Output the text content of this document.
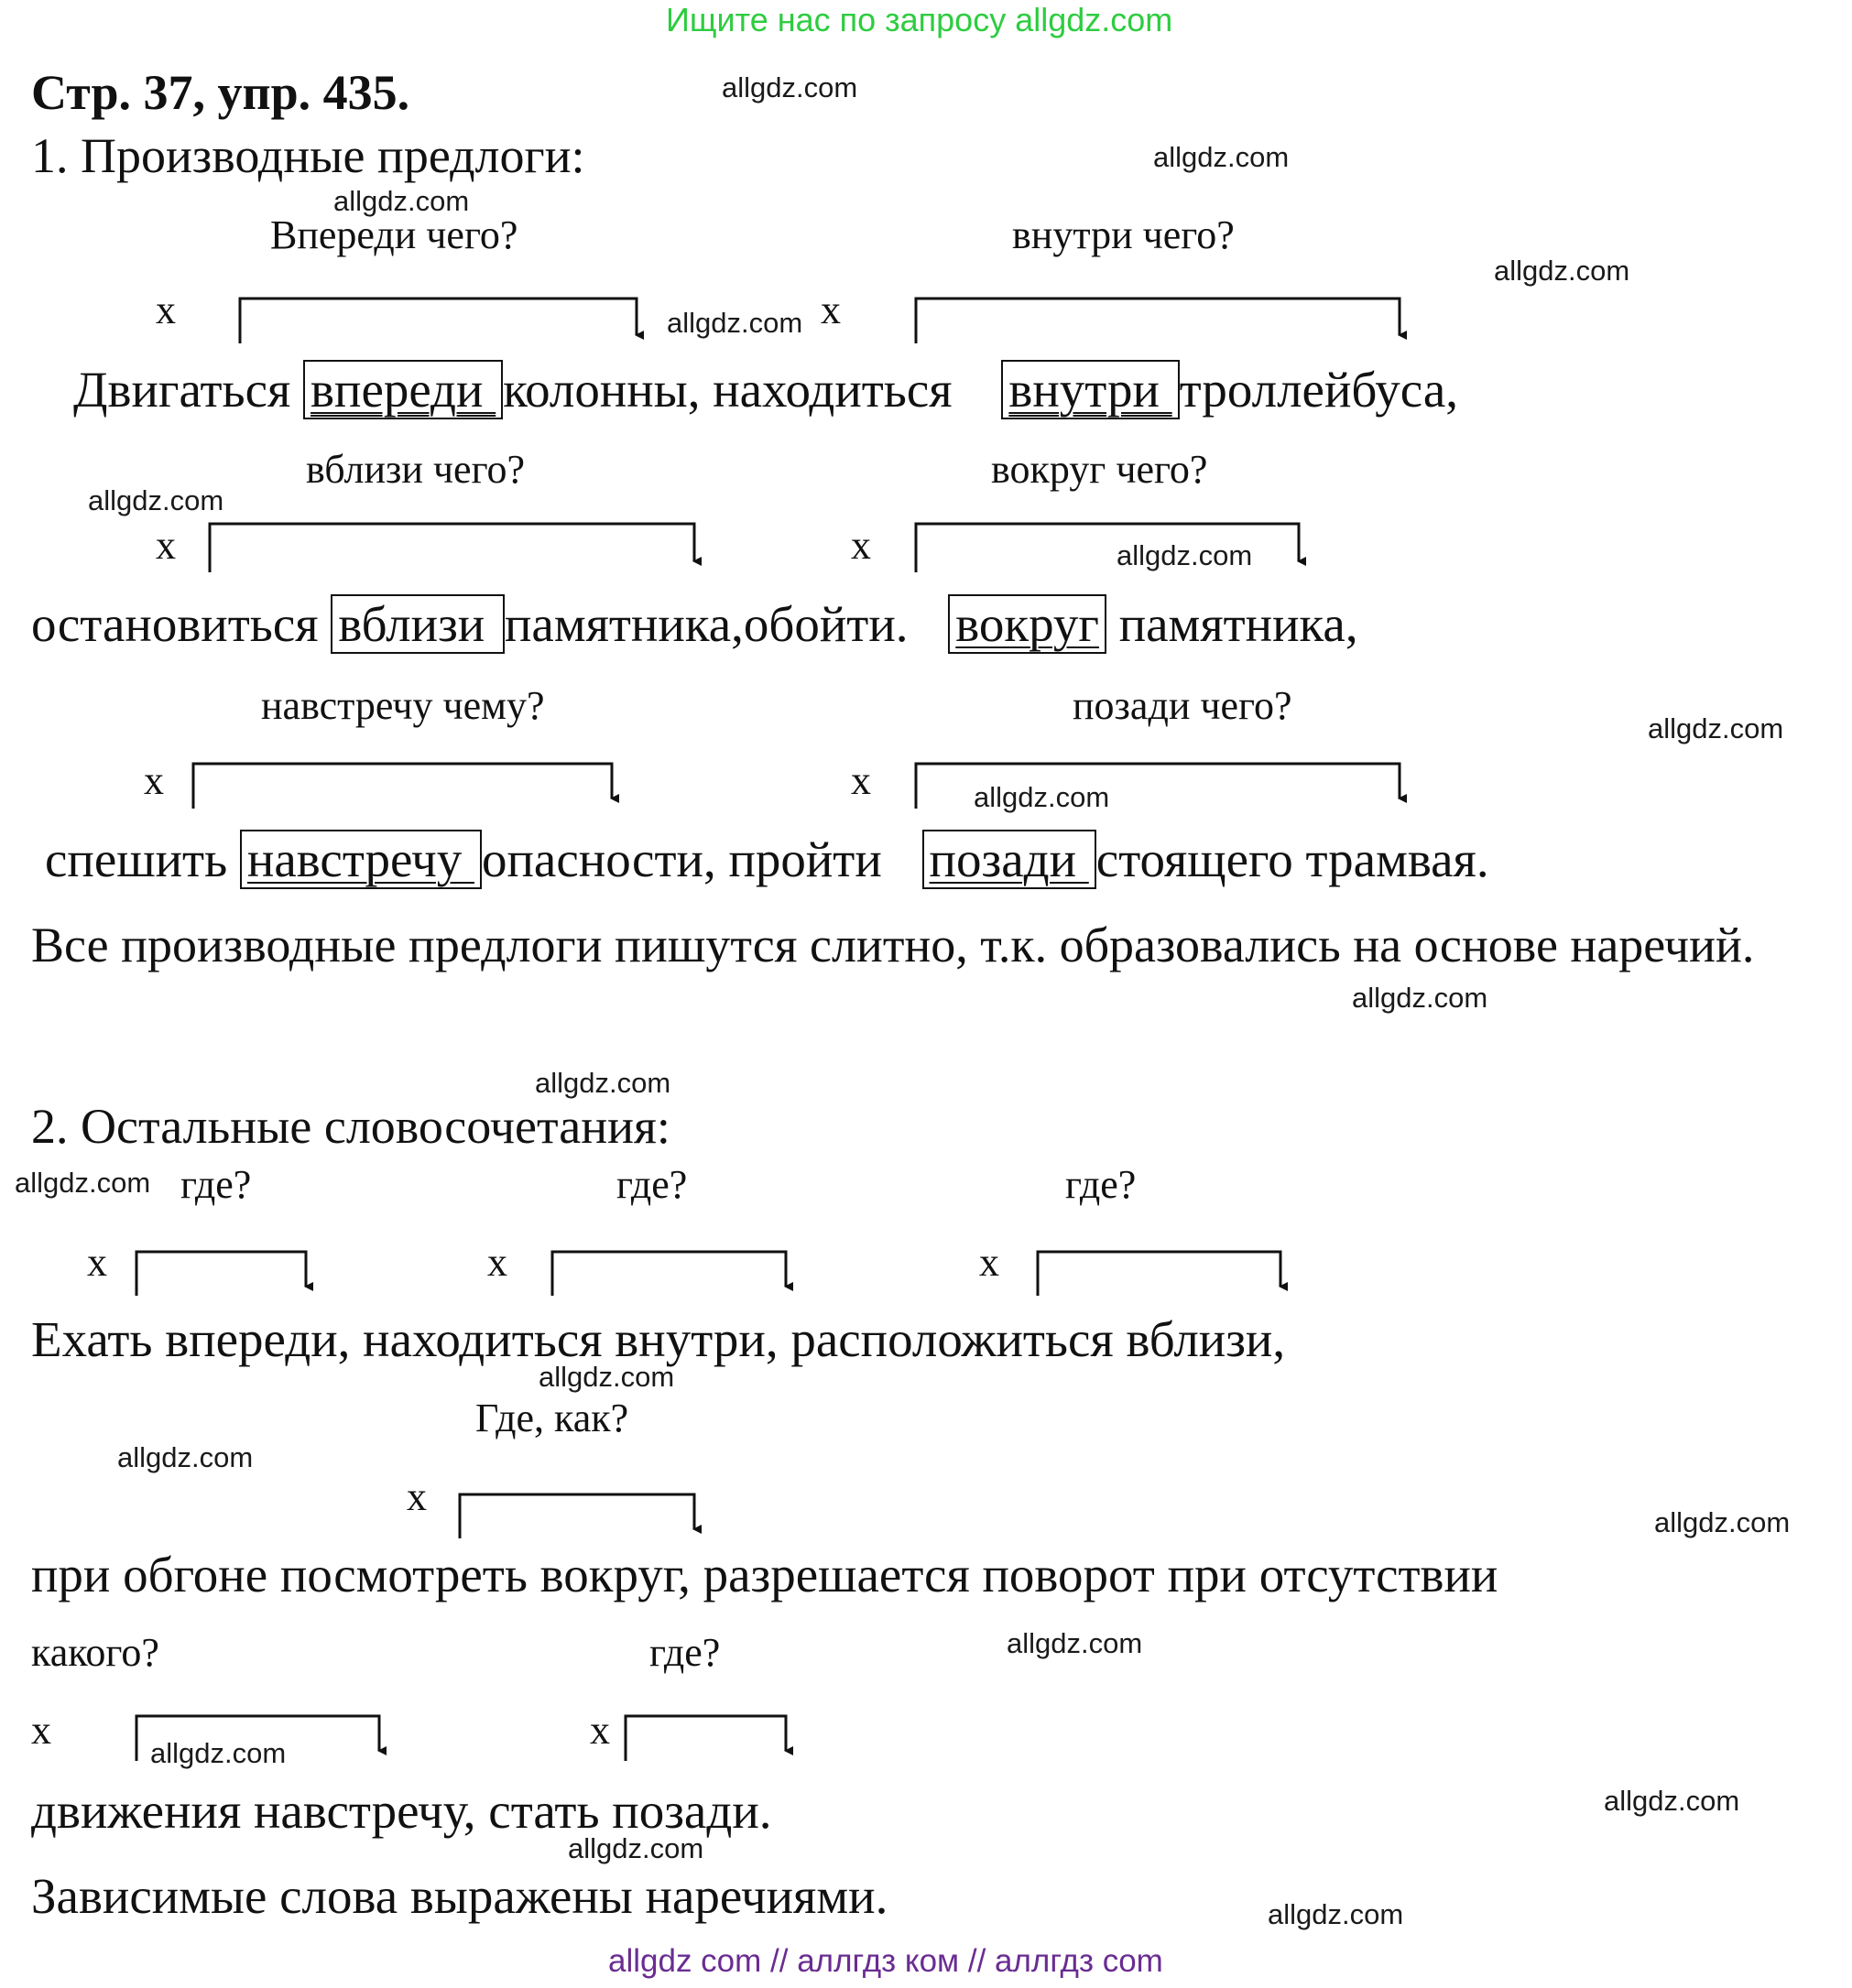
Ищите нас по запросу allgdz.com
Стр. 37, упр. 435.
1. Производные предлоги:
Впереди чего?	внутри чего?
x	x
Двигаться впереди колонны, находиться внутри троллейбуса,
вблизи чего?	вокруг чего?
x	x
остановиться вблизи памятника,обойти. вокруг памятника,
навстречу чему?	позади чего?
x	x
спешить навстречу опасности, пройти позади стоящего трамвая.
Все производные предлоги пишутся слитно, т.к. образовались на основе наречий.
2. Остальные словосочетания:
где?	где?	где?
x	x	x
Ехать впереди, находиться внутри, расположиться вблизи,
Где, как?
x
при обгоне посмотреть вокруг, разрешается поворот при отсутствии
какого?	где?
x	x
движения навстречу, стать позади.
Зависимые слова выражены наречиями.
allgdz.com
allgdz.com
allgdz.com
allgdz.com
allgdz.com
allgdz.com
allgdz.com
allgdz.com
allgdz.com
allgdz.com
allgdz.com
allgdz.com
allgdz.com
allgdz.com
allgdz.com
allgdz.com
allgdz.com
allgdz.com
allgdz.com
allgdz.com
allgdz com // аллгдз ком // аллгдз com
